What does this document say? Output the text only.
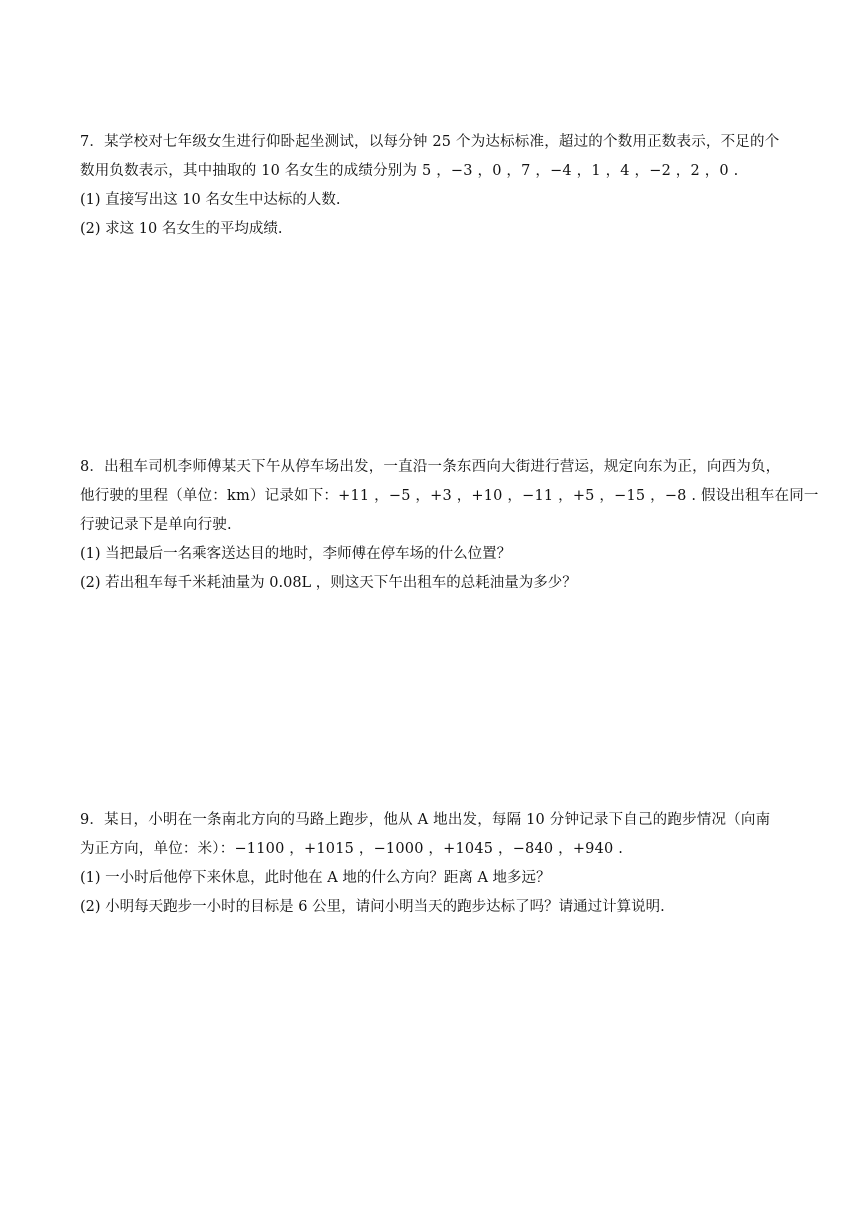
7．某学校对七年级女生进行仰卧起坐测试，以每分钟 25 个为达标标准，超过的个数用正数表示，不足的个
数用负数表示，其中抽取的 10 名女生的成绩分别为 5 ，−3 ，0 ，7 ，−4 ，1 ，4 ，−2 ，2 ，0 .
(1) 直接写出这 10 名女生中达标的人数.
(2) 求这 10 名女生的平均成绩.
8．出租车司机李师傅某天下午从停车场出发，一直沿一条东西向大街进行营运，规定向东为正，向西为负，
他行驶的里程（单位：km）记录如下：+11 ，−5 ，+3 ，+10 ，−11 ，+5 ，−15 ，−8 . 假设出租车在同一
行驶记录下是单向行驶.
(1) 当把最后一名乘客送达目的地时，李师傅在停车场的什么位置？
(2) 若出租车每千米耗油量为 0.08L ，则这天下午出租车的总耗油量为多少？
9．某日，小明在一条南北方向的马路上跑步，他从 A 地出发，每隔 10 分钟记录下自己的跑步情况（向南
为正方向，单位：米）：−1100 ，+1015 ，−1000 ，+1045 ，−840 ，+940 .
(1) 一小时后他停下来休息，此时他在 A 地的什么方向？距离 A 地多远？
(2) 小明每天跑步一小时的目标是 6 公里，请问小明当天的跑步达标了吗？请通过计算说明.
